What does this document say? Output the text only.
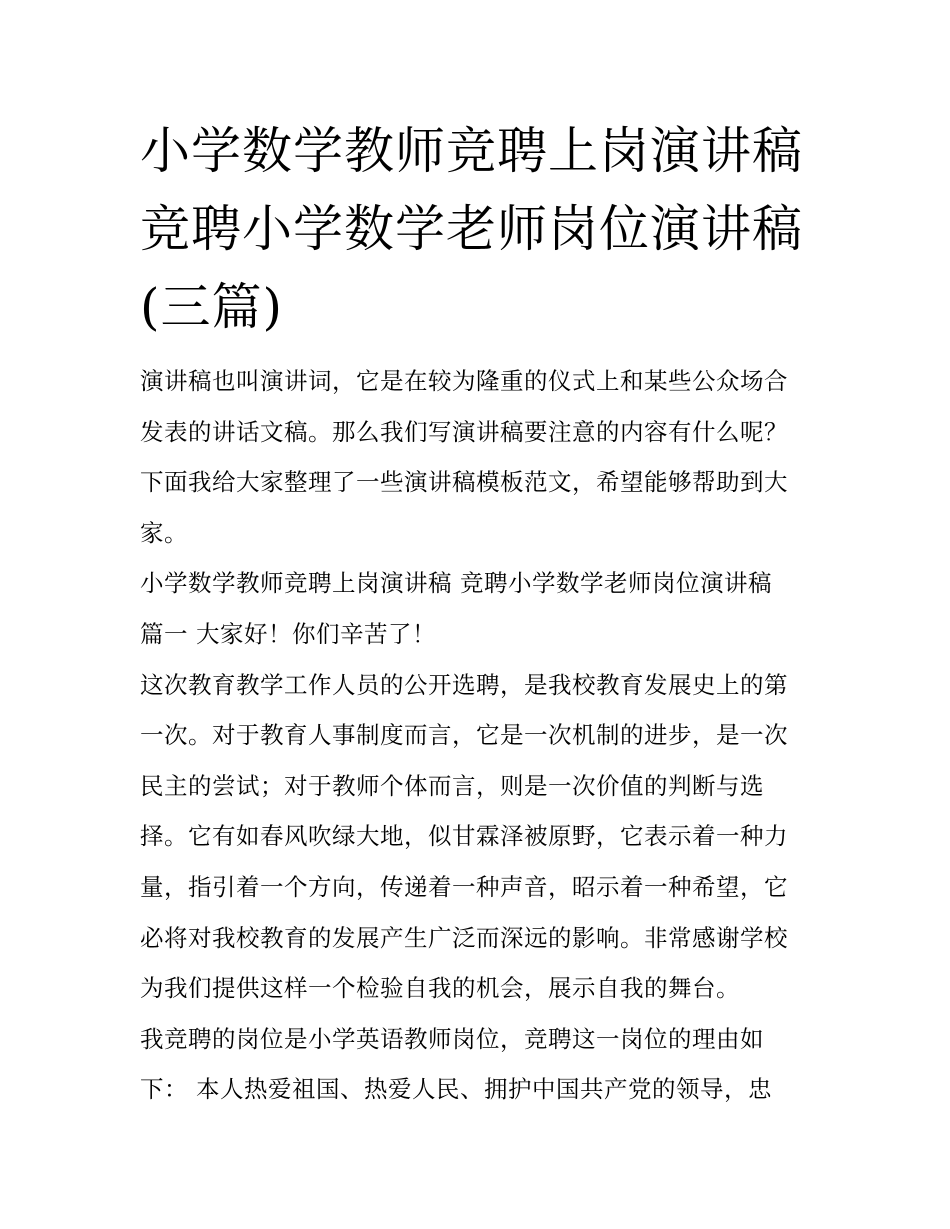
小学数学教师竞聘上岗演讲稿
竞聘小学数学老师岗位演讲稿
(三篇)
演讲稿也叫演讲词，它是在较为隆重的仪式上和某些公众场合
发表的讲话文稿。那么我们写演讲稿要注意的内容有什么呢？
下面我给大家整理了一些演讲稿模板范文，希望能够帮助到大
家。
小学数学教师竞聘上岗演讲稿 竞聘小学数学老师岗位演讲稿
篇一 大家好！你们辛苦了！
这次教育教学工作人员的公开选聘，是我校教育发展史上的第
一次。对于教育人事制度而言，它是一次机制的进步，是一次
民主的尝试；对于教师个体而言，则是一次价值的判断与选
择。它有如春风吹绿大地，似甘霖泽被原野，它表示着一种力
量，指引着一个方向，传递着一种声音，昭示着一种希望，它
必将对我校教育的发展产生广泛而深远的影响。非常感谢学校
为我们提供这样一个检验自我的机会，展示自我的舞台。
我竞聘的岗位是小学英语教师岗位，竞聘这一岗位的理由如
下： 本人热爱祖国、热爱人民、拥护中国共产党的领导，忠
